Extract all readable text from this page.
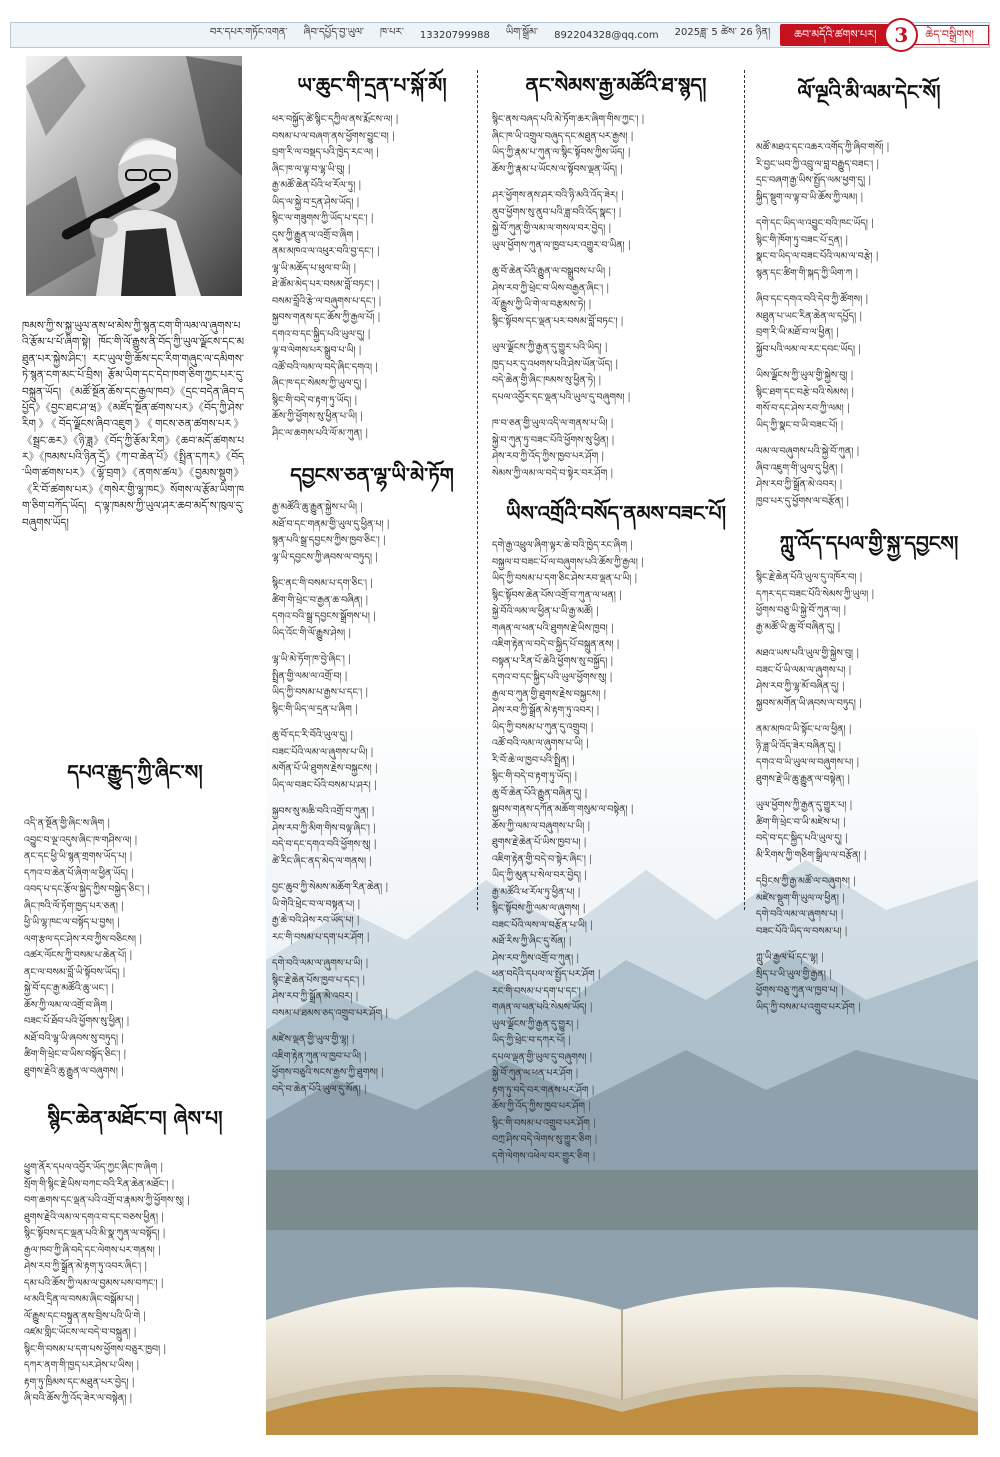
བར་དཔར་གཏོང་འགན་ ཞིབ་དཔྱོད་བྱ་ཡུལ་ ཁ་པར་ 13320799988 ཡིག་སྒྲོམ་ 892204328@qq.com 2025ཟླ་ 5 ཚེས་ 26 ཉིན།	ཆབ་མདོའི་ཚགས་པར། 3	ཆེད་བསྒྲིགས།

ཁམས་ཀྱི་ས་སྐྱ་ཡུལ་ནས་ཕ་མེས་ཀྱི་སྙན་ངག་གི་ལམ་ལ་ཞུགས་པའི་རྩོམ་པ་པོ་ཞིག་སྟེ། ཁོང་གི་ལོ་རྒྱུས་ནི་བོད་ཀྱི་ཡུལ་ལྗོངས་དང་མཐུན་པར་སྐྱེས་ཤིང་། རང་ཡུལ་གྱི་ཆོས་དང་རིག་གཞུང་ལ་དམིགས་ཏེ་སྙན་ངག་མང་པོ་བྲིས། རྩོམ་ཡིག་དང་དེབ་ཁག་ཅིག་ཀྱང་པར་དུ་བསྐྲུན་ཡོད། 《མཚོ་སྔོན་ཆོས་དང་རྒྱལ་ཁབ》《དྲང་བདེན་ཞིབ་དཔྱོད》《བྱང་ཐང་ཤ་ཝ》《མཛོད་སྔོན་ཚགས་པར》《བོད་ཀྱི་ཤེས་རིག》《བོད་ལྗོངས་ཞིབ་འཇུག》《གངས་ཅན་ཚགས་པར》《སྦྲང་ཆར》《ཉི་ཟླ》《བོད་ཀྱི་རྩོམ་རིག》《ཆབ་མདོ་ཚགས་པར》《ཁམས་པའི་ཉིན་དྲོ》《ཀ་བ་ཆེན་པོ》《སྤྲིན་དཀར》《བོད་ཡིག་ཚགས་པར》《ལྷོ་བྲག》《ནགས་ཚལ》《བྱམས་སྡུག》《རི་བོ་ཚགས་པར》《གསེར་གྱི་ལྷ་ཁང》སོགས་ལ་རྩོམ་ཡིག་ཁག་ཅིག་བཀོད་ཡོད། ད་ལྟ་ཁམས་ཀྱི་ཡུལ་ཤར་ཆབ་མདོ་ས་ཁུལ་དུ་བཞུགས་ཡོད།

དཔའ་རྒྱུད་ཀྱི་ཞིང་ས།
འདི་ན་སྔོན་གྱི་ཞིང་ས་ཞིག |
འབྱུང་བ་ལྔ་འདུས་ཞིང་ཁ་གཤིས་ལ། |
ནང་དང་ཕྱི་ཡི་སྙན་གྲགས་ཡོད་པ། |
དཀའ་བ་ཆེན་པོ་ཞིག་ལ་ཕྱིན་ཡོད། |
འབད་པ་དང་རྩོལ་སྐྱེད་ཀྱིས་བསྐྱེད་ཅིང་། |
ཞིང་ཁའི་ལོ་ཏོག་ཁྱད་པར་ཅན། |
ཕྱི་ཡི་ལྷ་ཁང་ལ་བསྟོད་པ་བྱས། |
ལག་རྩལ་དང་ཤེས་རབ་ཀྱིས་བཅིངས། |
འཚར་ལོངས་ཀྱི་བསམ་པ་ཆེན་པོ། |
ནང་ལ་བསམ་བློ་ཡི་སྟོབས་ཡོད། |
སྐྱེ་བོ་དང་རྒྱ་མཚོའི་ཆུ་ཡང་། |
ཆོས་ཀྱི་ལམ་ལ་འགྲོ་བ་ཞིག |
བཟང་པོ་ཐོབ་པའི་ཕྱོགས་སུ་ཕྱིན། |
མཐོ་བའི་ལྷ་ཡི་ཞབས་སུ་བཏུད། |
ཚིག་གི་ཕྲེང་བ་ཡིས་བསྟོད་ཅིང་། |
ཐུགས་རྗེའི་ཆུ་རྒྱུན་ལ་བཞུགས། |
སྙིང་ཆེན་མཐོང་བ། ཞེས་པ།
ཕྱུག་ནོར་དཔལ་འབྱོར་ཡོད་ཀྱང་ཞིང་ཁ་ཞིག |
སྲོག་གི་སྙིང་རྗེ་ཡིས་བཀང་བའི་རིན་ཆེན་མཐོང་། |
བག་ཆགས་དང་ལྡན་པའི་འགྲོ་བ་རྣམས་ཀྱི་ཕྱོགས་སུ། |
ཐུགས་རྗེའི་ལམ་ལ་དགའ་བ་དང་བཅས་ཕྱིན། |
སྙིང་སྟོབས་དང་ལྡན་པའི་མི་སྣ་ཀུན་ལ་བསྟོད། |
རྒྱལ་ཁབ་ཀྱི་ཞི་བདེ་དང་ལེགས་པར་གནས། |
ཤེས་རབ་ཀྱི་སྒྲོན་མེ་རྟག་ཏུ་འབར་ཞིང་། |
དམ་པའི་ཆོས་ཀྱི་ལམ་ལ་བྱམས་པས་བཀང་། |
ཕ་མའི་དྲིན་ལ་བསམ་ཞིང་བསྒོམ་པ། |
ལོ་རྒྱུས་དང་བསྟུན་ནས་བྲིས་པའི་ཡི་གེ |
འཛམ་གླིང་ཡོངས་ལ་བདེ་བ་བསྐྲུན། |
སྙིང་གི་བསམ་པ་དག་པས་ཕྱོགས་བཅུར་ཁྱབ། |
དཀར་ནག་གི་ཁྱད་པར་ཤེས་པ་ཡིས། |
རྟག་ཏུ་ཁྲིམས་དང་མཐུན་པར་བྱེད། |
ཞི་བའི་ཆོས་ཀྱི་འོད་ཟེར་ལ་བསྟེན། |
ཡ་ཆུང་གི་དྲན་པ་སྐོ་མོ།
ཕར་བསྐྱོད་ཚེ་སྙིང་དཀྱིལ་ནས་རྨོངས་ལ། |
བསམ་པ་ལ་བཞག་ནས་ཕྱོགས་བྱུང་བ། |
བྲག་རི་ལ་བསྡད་པའི་ཁྱེད་རང་ལ། |
ཞིང་ཁ་ལ་ལྟ་བ་ལྷ་ཡི་བུ། |
རྒྱ་མཚོ་ཆེན་པོའི་ཕ་རོལ་ཏུ། |
ཡིད་ལ་སྐྱེ་བ་དྲན་ཤེས་ཡོད། |
སྙིང་ལ་གཟུགས་ཀྱི་ཡོད་པ་དང་། |
དུས་ཀྱི་རྒྱུན་ལ་འགྲོ་བ་ཞིག |
ནམ་མཁའ་ལ་འཕུར་བའི་བྱ་དང་། |
ལྷ་ཡི་མཆོད་པ་ཕུལ་བ་ཡི། |
ཐེ་ཚོམ་མེད་པར་བསམ་བློ་བཏང་། |
བསམ་བློའི་རྩེ་ལ་བཞུགས་པ་དང་། |
སྐྱབས་གནས་དང་ཆོས་ཀྱི་རྒྱལ་པོ། |
དགའ་བ་དང་སྐྱིད་པའི་ཡུལ་དུ། |
ལྟ་བ་ལེགས་པར་སྒྲུབ་པ་ཡི། |
འཚོ་བའི་ལམ་ལ་བདེ་ཞིང་དགའ། |
ཞིང་ཁ་དང་སེམས་ཀྱི་ཡུལ་དུ། |
སྙིང་གི་བདེ་བ་རྟག་ཏུ་ཡོད། |
ཆོས་ཀྱི་ཕྱོགས་སུ་ཕྱིན་པ་ཡི། |
ཤིང་ལ་ཆགས་པའི་ལོ་མ་ཀུན། |
དབྱངས་ཅན་ལྷ་ཡི་མེ་ཏོག
རྒྱ་མཚོའི་ཆུ་རྒྱུན་སྐྱེས་པ་ཡི། |
མཐོ་བ་དང་གནམ་གྱི་ཡུལ་དུ་ཕྱིན་པ། |
སྙན་པའི་སྒྲ་དབྱངས་ཀྱིས་ཁྱབ་ཅིང་། |
ལྷ་ཡི་དབྱངས་ཀྱི་ཞབས་ལ་བཏུད། |
སྙིང་ནང་གི་བསམ་པ་དག་ཅིང་། |
ཚིག་གི་ཕྲེང་བ་རྒྱན་ཆ་བཞིན། |
དགའ་བའི་སྒྲ་དབྱངས་སྒྲོགས་པ། |
ཡིད་འོང་གི་ལོ་རྒྱུས་ཤེས། |
ལྷ་ཡི་མེ་ཏོག་ཁ་བྱེ་ཞིང་། |
སྤྲིན་གྱི་ལམ་ལ་འགྲོ་བ། |
ཡིད་ཀྱི་བསམ་པ་རྒྱས་པ་དང་། |
སྙིང་གི་ཡིད་ལ་དྲན་པ་ཞིག |
ཆུ་བོ་དང་རི་བོའི་ཡུལ་དུ། |
བཟང་པོའི་ལམ་ལ་ཞུགས་པ་ཡི། |
མགོན་པོ་ཡི་ཐུགས་རྗེས་བསྐྱངས། |
ཡིད་ལ་བཟང་པོའི་བསམ་པ་ཤར། |
སྐྱབས་སུ་མཆི་བའི་འགྲོ་བ་ཀུན། |
ཤེས་རབ་ཀྱི་མིག་གིས་བལྟ་ཞིང་། |
བདེ་བ་དང་དགའ་བའི་ཕྱོགས་སུ། |
ཚེ་རིང་ཞིང་ནད་མེད་ལ་གནས། |
བྱང་ཆུབ་ཀྱི་སེམས་མཆོག་རིན་ཆེན། |
ཡི་གེའི་ཕྲེང་བ་ལ་བསྟན་པ། |
རྒྱ་ཆེ་བའི་ཤེས་རབ་ཡོད་པ། |
རང་གི་བསམ་པ་དག་པར་ཤོག |
དགེ་བའི་ལམ་ལ་ཞུགས་པ་ཡི། |
སྙིང་རྗེ་ཆེན་པོས་ཁྱབ་པ་དང་། |
ཤེས་རབ་ཀྱི་སྒྲོན་མེ་འབར། |
བསམ་པ་ཐམས་ཅད་འགྲུབ་པར་ཤོག |
མཛེས་ལྡན་གྱི་ཡུལ་གྱི་ལྷ། |
འཇིག་རྟེན་ཀུན་ལ་ཁྱབ་པ་ཡི། |
ཕྱོགས་བཅུའི་སངས་རྒྱས་ཀྱི་ཐུགས། |
བདེ་བ་ཆེན་པོའི་ཡུལ་དུ་སོན། |
ནང་སེམས་རྒྱ་མཚོའི་ཐ་སྙད།
སྙིང་ནས་བཞད་པའི་མེ་ཏོག་ཆར་ཞིག་གིས་ཀྱང་། |
ཞིང་ཁ་ཡི་འགྲུལ་བཞུད་དང་མཐུན་པར་རྒྱས། |
ཡིད་ཀྱི་རྣམ་པ་ཀུན་ལ་སྙིང་སྟོབས་ཀྱིས་ཡོད། |
ཆོས་ཀྱི་རྣམ་པ་ཡོངས་ལ་སྟོབས་ལྡན་ཡོད། |
ཤར་ཕྱོགས་ནས་ཤར་བའི་ཉི་མའི་འོད་ཟེར། |
ནུབ་ཕྱོགས་སུ་ནུབ་པའི་ཟླ་བའི་འོད་སྣང་། |
སྐྱེ་བོ་ཀུན་གྱི་ལམ་ལ་གསལ་བར་བྱེད། |
ཡུལ་ཕྱོགས་ཀུན་ལ་ཁྱབ་པར་འགྱུར་བ་ཡིན། |
ཆུ་བོ་ཆེན་པོའི་རྒྱུན་ལ་བསྒྲུབས་པ་ཡི། |
ཤེས་རབ་ཀྱི་ཕྲེང་བ་ཡིས་བརྒྱན་ཞིང་། |
ལོ་རྒྱུས་ཀྱི་ཡི་གེ་ལ་བརྩམས་ཏེ། |
སྙིང་སྟོབས་དང་ལྡན་པར་བསམ་བློ་བཏང་། |
ཡུལ་ལྗོངས་ཀྱི་རྒྱན་དུ་གྱུར་པའི་ཡིད། |
ཁྱད་པར་དུ་འཕགས་པའི་ཤེས་ཡོན་ཡོད། |
བདེ་ཆེན་གྱི་ཞིང་ཁམས་སུ་ཕྱིན་ཏེ། |
དཔལ་འབྱོར་དང་ལྡན་པའི་ཡུལ་དུ་བཞུགས། |
ཁ་བ་ཅན་གྱི་ཡུལ་འདི་ལ་གནས་པ་ཡི། |
སྐྱེ་བ་ཀུན་ཏུ་བཟང་པོའི་ཕྱོགས་སུ་ཕྱིན། |
ཤེས་རབ་ཀྱི་འོད་ཀྱིས་ཁྱབ་པར་ཤོག |
སེམས་ཀྱི་ལམ་ལ་བདེ་བ་སྟེར་བར་ཤོག |
ཡིས་འགྲོའི་བསོད་ནམས་བཟང་པོ།
དགེ་རྒྱ་འཕྲུལ་ཞིག་ལྟར་ཆེ་བའི་ཁྱེད་རང་ཞིག |
བསྐྱལ་བ་བཟང་པོ་ལ་བཞུགས་པའི་ཆོས་ཀྱི་རྒྱལ། |
ཡིད་ཀྱི་བསམ་པ་དག་ཅིང་ཤེས་རབ་ལྡན་པ་ཡི། |
སྙིང་སྟོབས་ཆེན་པོས་འགྲོ་བ་ཀུན་ལ་ཕན། |
སྐྱེ་བོའི་ལམ་ལ་ཕྱིན་པ་ཡི་རྒྱ་མཚོ། |
གཞན་ལ་ཕན་པའི་ཐུགས་རྗེ་ཡིས་ཁྱབ། |
འཇིག་རྟེན་ལ་བདེ་བ་སྐྱིད་པོ་བསྐྲུན་ནས། |
བསྟན་པ་རིན་པོ་ཆེའི་ཕྱོགས་སུ་བསྐྱོད། |
དགའ་བ་དང་སྐྱིད་པའི་ཡུལ་ཕྱོགས་སུ། |
རྒྱལ་བ་ཀུན་གྱི་ཐུགས་རྗེས་བསྐྱངས། |
ཤེས་རབ་ཀྱི་སྒྲོན་མེ་རྟག་ཏུ་འབར། |
ཡིད་ཀྱི་བསམ་པ་ཀུན་དུ་འགྲུབ། |
འཚོ་བའི་ལམ་ལ་ཞུགས་པ་ཡི། |
རི་བོ་ཆེ་ལ་ཁྱབ་པའི་སྤྲིན། |
སྙིང་གི་བདེ་བ་རྟག་ཏུ་ཡོད། |
ཆུ་བོ་ཆེན་པོའི་རྒྱུན་བཞིན་དུ། |
སྐྱབས་གནས་དཀོན་མཆོག་གསུམ་ལ་བསྟེན། |
ཆོས་ཀྱི་ལམ་ལ་བཞུགས་པ་ཡི། |
ཐུགས་རྗེ་ཆེན་པོ་ཡིས་ཁྱབ་པ། |
འཇིག་རྟེན་གྱི་བདེ་བ་སྟེར་ཞིང་། |
ཡིད་ཀྱི་མུན་པ་སེལ་བར་བྱེད། |
རྒྱ་མཚོའི་ཕ་རོལ་ཏུ་ཕྱིན་པ། |
སྙིང་སྟོབས་ཀྱི་ལམ་ལ་ཞུགས། |
བཟང་པོའི་ལས་ལ་བརྩོན་པ་ཡི། |
མཐོ་རིས་ཀྱི་ཞིང་དུ་སོན། |
ཤེས་རབ་ཀྱིས་འགྲོ་བ་ཀུན། |
ཕན་བདེའི་དཔལ་ལ་སྤྱོད་པར་ཤོག |
རང་གི་བསམ་པ་དག་པ་དང་། |
གཞན་ལ་ཕན་པའི་སེམས་ཡོད། |
ཡུལ་ལྗོངས་ཀྱི་རྒྱན་དུ་གྱུར། |
ཡིད་ཀྱི་ཕྲེང་བ་དཀར་པོ། |
དཔལ་ལྡན་གྱི་ཡུལ་དུ་བཞུགས། |
སྐྱེ་བོ་ཀུན་ལ་ཕན་པར་ཤོག |
རྟག་ཏུ་བདེ་བར་གནས་པར་ཤོག |
ཆོས་ཀྱི་འོད་ཀྱིས་ཁྱབ་པར་ཤོག |
སྙིང་གི་བསམ་པ་འགྲུབ་པར་ཤོག |
བཀྲ་ཤིས་བདེ་ལེགས་སུ་གྱུར་ཅིག |
དགེ་ལེགས་འཕེལ་བར་གྱུར་ཅིག |
ལོ་ལྔའི་མི་ལམ་དེང་སོ།
མཚོ་མཐའ་དང་འཆར་འགོད་ཀྱི་ཞིབ་གསོ། |
རི་བྱང་ཡབ་ཀྱི་འབྲུ་ལ་བླ་བརྒྱུད་བཟང་། |
དྲང་བཞག་རྒྱ་ཡིས་སྤྱོད་ལམ་ཕྱག་དུ། |
སྐྱིད་སྡུག་ལ་ལྟ་བ་ཡི་ཆོས་ཀྱི་ལམ། |
དགེ་དང་ཡིད་ལ་འབྱུང་བའི་ཁང་ཡོད། |
སྙིང་གི་ཁོག་ཏུ་བཟང་པོ་དྲན། |
སྣང་བ་ཡིད་ལ་བཟང་པོའི་ལམ་ལ་བརྩེ། |
སྙན་དང་ཚིག་གི་སྐད་ཀྱི་ཡིག་ཀ |
ཞིབ་དང་དགའ་བའི་དེབ་ཀྱི་ཚོགས། |
མཐུན་པ་ཡང་རིན་ཆེན་ལ་དཔྱོད། |
བྲག་རི་ཡི་མཐོ་བ་ལ་ཕྱིན། |
སྐྱོབ་པའི་ལམ་ལ་རང་དབང་ཡོད། |
ཡིས་ལྗོངས་ཀྱི་ཡུལ་གྱི་སྐྱེས་བུ། |
སྙིང་ཐག་དང་བརྩེ་བའི་སེམས། |
གསོ་བ་དང་ཤེས་རབ་ཀྱི་ལམ། |
ཡིད་ཀྱི་སྣང་བ་ཡི་བཟང་པོ། |
ལམ་ལ་བཞུགས་པའི་སྐྱེ་བོ་ཀུན། |
ཞིབ་འཇུག་གི་ཡུལ་དུ་ཕྱིན། |
ཤེས་རབ་ཀྱི་སྒྲོན་མེ་འབར། |
ཁྱབ་པར་དུ་ཕྱོགས་ལ་བརྩོན། |
ཀླུ་འོད་དཔལ་གྱི་སྐྱ་དབྱངས།
སྙིང་རྗེ་ཆེན་པོའི་ཡུལ་དུ་འཁོར་བ། |
དཀར་དང་བཟང་པོའི་སེམས་ཀྱི་ཡུལ། |
ཕྱོགས་བཅུ་ཡི་སྐྱེ་བོ་ཀུན་ལ། |
རྒྱ་མཚོ་ཡི་ཆུ་བོ་བཞིན་དུ། |
མཐའ་ཡས་པའི་ཡུལ་གྱི་སྐྱེས་བུ། |
བཟང་པོ་ཡི་ལམ་ལ་ཞུགས་པ། |
ཤེས་རབ་ཀྱི་ལྷ་མོ་བཞིན་དུ། |
སྐྱབས་མགོན་ཡི་ཞབས་ལ་བཏུད། |
ནམ་མཁའ་ཡི་སྟོང་པ་ལ་ཕྱིན། |
ཉི་ཟླ་ཡི་འོད་ཟེར་བཞིན་དུ། |
དགའ་བ་ཡི་ཡུལ་ལ་བཞུགས་པ། |
ཐུགས་རྗེ་ཡི་ཆུ་རྒྱུན་ལ་བསྟེན། |
ཡུལ་ཕྱོགས་ཀྱི་རྒྱན་དུ་གྱུར་པ། |
ཚིག་གི་ཕྲེང་བ་ཡི་མཛེས་པ། |
བདེ་བ་དང་སྐྱིད་པའི་ཡུལ་དུ། |
མི་རིགས་ཀྱི་གཅིག་སྒྲིལ་ལ་བརྩོན། |
དབྱིངས་ཀྱི་རྒྱ་མཚོ་ལ་བཞུགས། |
མཛེས་སྡུག་གི་ཡུལ་ལ་ཕྱིན། |
དགེ་བའི་ལམ་ལ་ཞུགས་པ། |
བཟང་པོའི་ཡིད་ལ་བསམ་པ། |
ཀླུ་ཡི་རྒྱལ་པོ་དང་ལྷ། |
སྲིད་པ་ཡི་ཡུལ་གྱི་རྒྱན། |
ཕྱོགས་བཅུ་ཀུན་ལ་ཁྱབ་པ། |
ཡིད་ཀྱི་བསམ་པ་འགྲུབ་པར་ཤོག |
